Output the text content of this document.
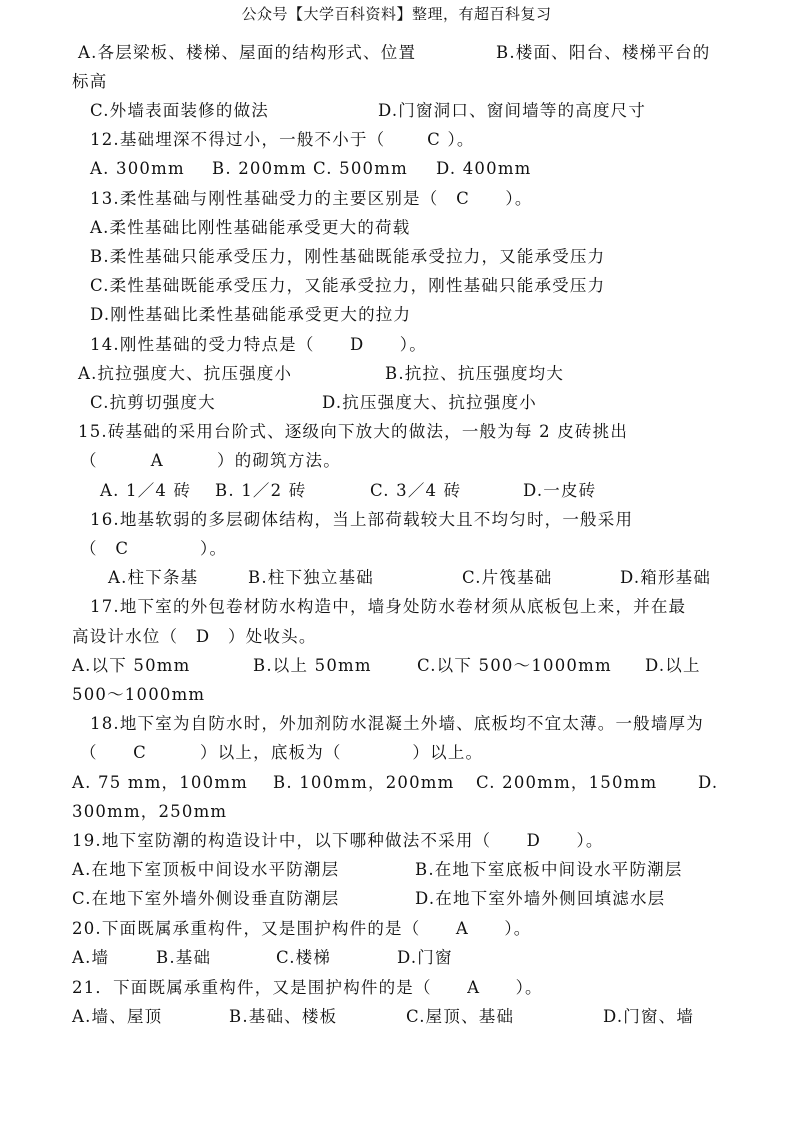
公众号【大学百科资料】整理，有超百科复习
A.各层梁板、楼梯、屋面的结构形式、位置	B.楼面、阳台、楼梯平台的
标高
C.外墙表面装修的做法	D.门窗洞口、窗间墙等的高度尺寸
12.基础埋深不得过小，一般不小于（　　 C ）。
A. 300mm B. 200mm C. 500mm D. 400mm
13.柔性基础与刚性基础受力的主要区别是（　C　　）。
A.柔性基础比刚性基础能承受更大的荷载
B.柔性基础只能承受压力，刚性基础既能承受拉力，又能承受压力
C.柔性基础既能承受压力，又能承受拉力，刚性基础只能承受压力
D.刚性基础比柔性基础能承受更大的拉力
14.刚性基础的受力特点是（　　D　　）。
A.抗拉强度大、抗压强度小	B.抗拉、抗压强度均大
C.抗剪切强度大	D.抗压强度大、抗拉强度小
15.砖基础的采用台阶式、逐级向下放大的做法，一般为每 2 皮砖挑出
（　　　A　　　）的砌筑方法。
A. 1／4 砖 B. 1／2 砖	C. 3／4 砖	D.一皮砖
16.地基软弱的多层砌体结构，当上部荷载较大且不均匀时，一般采用
（　C　　　　）。
A.柱下条基	B.柱下独立基础	C.片筏基础	D.箱形基础
17.地下室的外包卷材防水构造中，墙身处防水卷材须从底板包上来，并在最
高设计水位（　D　）处收头。
A.以下 50mm	B.以上 50mm	C.以下 500～1000mm D.以上
500～1000mm
18.地下室为自防水时，外加剂防水混凝土外墙、底板均不宜太薄。一般墙厚为
（　　C　　　）以上，底板为（　　　　）以上。
A. 75 mm，100mm B. 100mm，200mm C. 200mm，150mm D.
300mm，250mm
19.地下室防潮的构造设计中，以下哪种做法不采用（　　D　　）。
A.在地下室顶板中间设水平防潮层	B.在地下室底板中间设水平防潮层
C.在地下室外墙外侧设垂直防潮层	D.在地下室外墙外侧回填滤水层
20.下面既属承重构件，又是围护构件的是（　　A　　）。
A.墙	B.基础	C.楼梯	D.门窗
21．下面既属承重构件，又是围护构件的是（　　A　　）。
A.墙、屋顶	B.基础、楼板	C.屋顶、基础	D.门窗、墙
